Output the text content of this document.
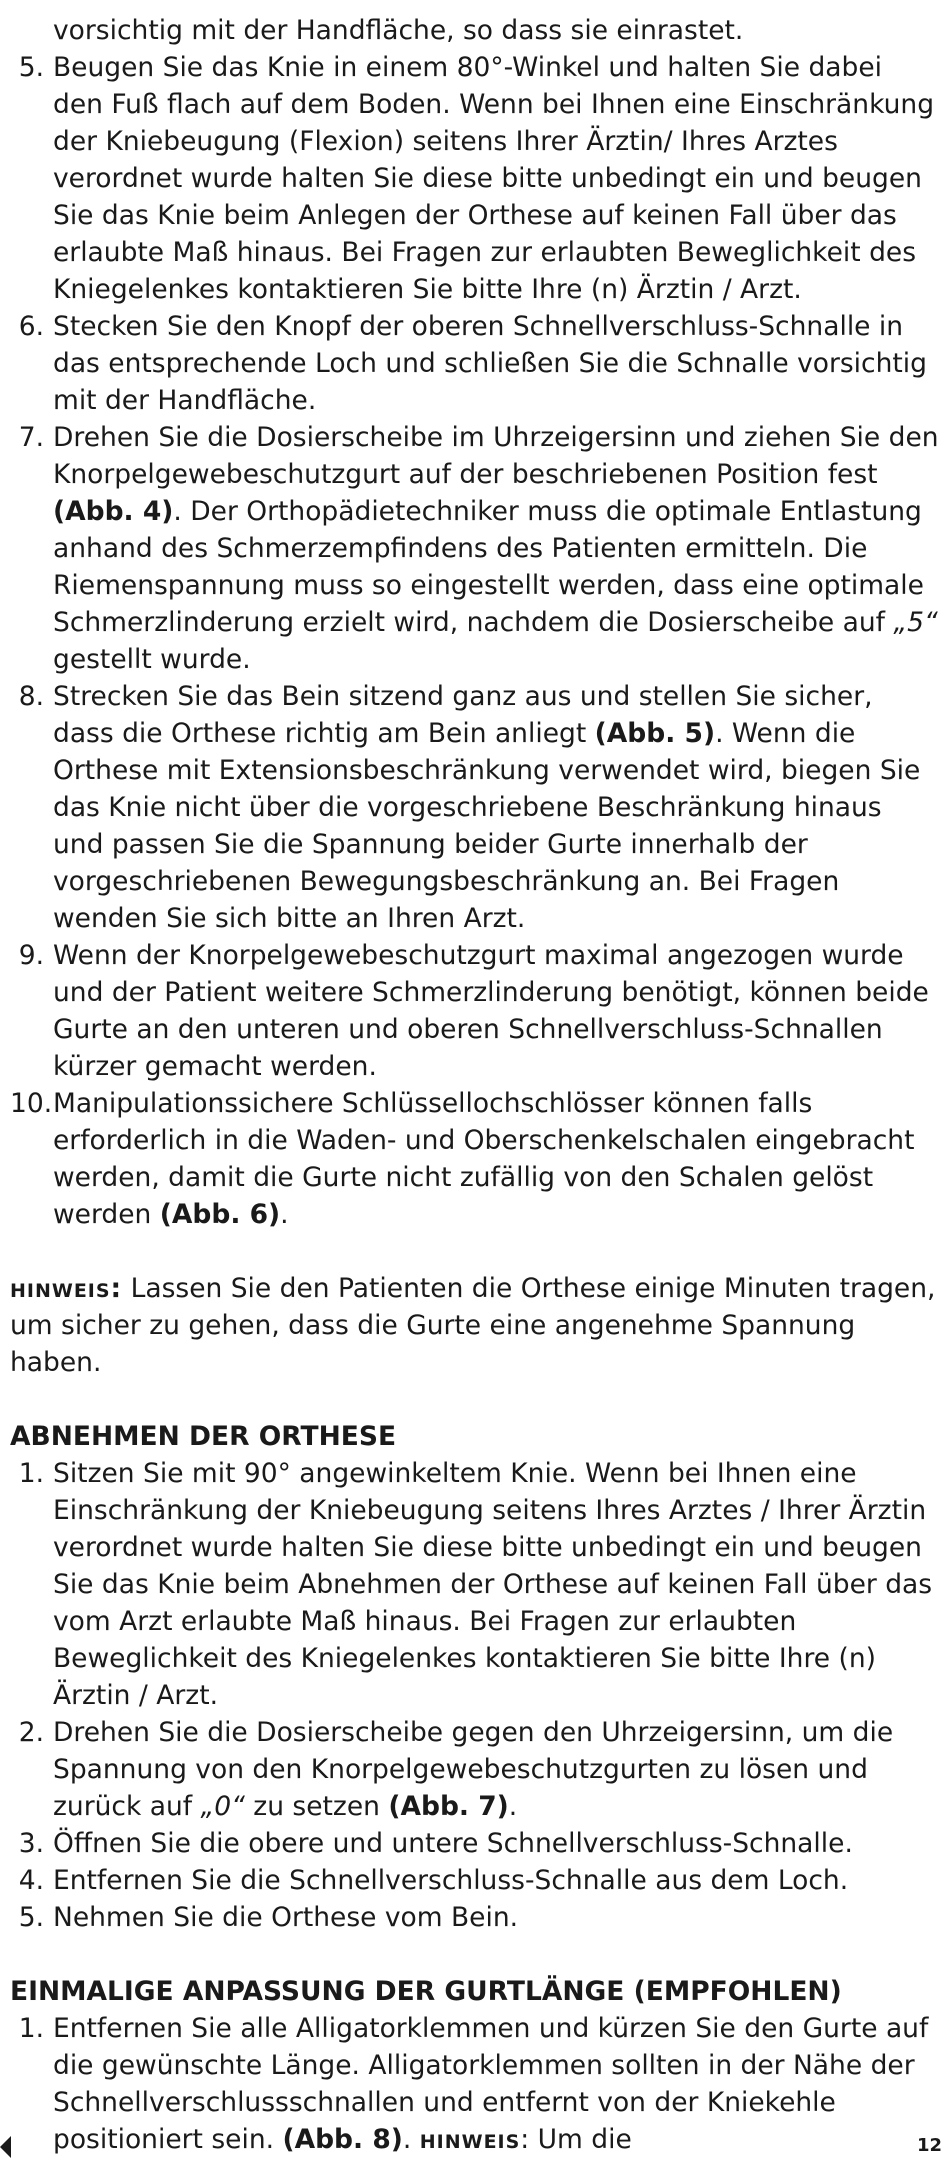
vorsichtig mit der Handfläche, so dass sie einrastet.

5. Beugen Sie das Knie in einem 80°-Winkel und halten Sie dabei den Fuß flach auf dem Boden. Wenn bei Ihnen eine Einschränkung der Kniebeugung (Flexion) seitens Ihrer Ärztin/ Ihres Arztes verordnet wurde halten Sie diese bitte unbedingt ein und beugen Sie das Knie beim Anlegen der Orthese auf keinen Fall über das erlaubte Maß hinaus. Bei Fragen zur erlaubten Beweglichkeit des Kniegelenkes kontaktieren Sie bitte Ihre (n) Ärztin / Arzt.
6. Stecken Sie den Knopf der oberen Schnellverschluss-Schnalle in das entsprechende Loch und schließen Sie die Schnalle vorsichtig mit der Handfläche.
7. Drehen Sie die Dosierscheibe im Uhrzeigersinn und ziehen Sie den Knorpelgewebeschutzgurt auf der beschriebenen Position fest (Abb. 4). Der Orthopädietechniker muss die optimale Entlastung anhand des Schmerzempfindens des Patienten ermitteln. Die Riemenspannung muss so eingestellt werden, dass eine optimale Schmerzlinderung erzielt wird, nachdem die Dosierscheibe auf „5“ gestellt wurde.
8. Strecken Sie das Bein sitzend ganz aus und stellen Sie sicher, dass die Orthese richtig am Bein anliegt (Abb. 5). Wenn die Orthese mit Extensionsbeschränkung verwendet wird, biegen Sie das Knie nicht über die vorgeschriebene Beschränkung hinaus und passen Sie die Spannung beider Gurte innerhalb der vorgeschriebenen Bewegungsbeschränkung an. Bei Fragen wenden Sie sich bitte an Ihren Arzt.
9. Wenn der Knorpelgewebeschutzgurt maximal angezogen wurde und der Patient weitere Schmerzlinderung benötigt, können beide Gurte an den unteren und oberen Schnellverschluss-Schnallen kürzer gemacht werden.
10. Manipulationssichere Schlüssellochschlösser können falls erforderlich in die Waden- und Oberschenkelschalen eingebracht werden, damit die Gurte nicht zufällig von den Schalen gelöst werden (Abb. 6).

hinweis: Lassen Sie den Patienten die Orthese einige Minuten tragen, um sicher zu gehen, dass die Gurte eine angenehme Spannung haben.

ABNEHMEN DER ORTHESE
1. Sitzen Sie mit 90° angewinkeltem Knie. Wenn bei Ihnen eine Einschränkung der Kniebeugung seitens Ihres Arztes / Ihrer Ärztin verordnet wurde halten Sie diese bitte unbedingt ein und beugen Sie das Knie beim Abnehmen der Orthese auf keinen Fall über das vom Arzt erlaubte Maß hinaus. Bei Fragen zur erlaubten Beweglichkeit des Kniegelenkes kontaktieren Sie bitte Ihre (n) Ärztin / Arzt.
2. Drehen Sie die Dosierscheibe gegen den Uhrzeigersinn, um die Spannung von den Knorpelgewebeschutzgurten zu lösen und zurück auf „0“ zu setzen (Abb. 7).
3. Öffnen Sie die obere und untere Schnellverschluss-Schnalle.
4. Entfernen Sie die Schnellverschluss-Schnalle aus dem Loch.
5. Nehmen Sie die Orthese vom Bein.
EINMALIGE ANPASSUNG DER GURTLÄNGE (EMPFOHLEN)
1. Entfernen Sie alle Alligatorklemmen und kürzen Sie den Gurte auf die gewünschte Länge. Alligatorklemmen sollten in der Nähe der Schnellverschlussschnallen und entfernt von der Kniekehle positioniert sein. (Abb. 8). hinweis: Um die	12
